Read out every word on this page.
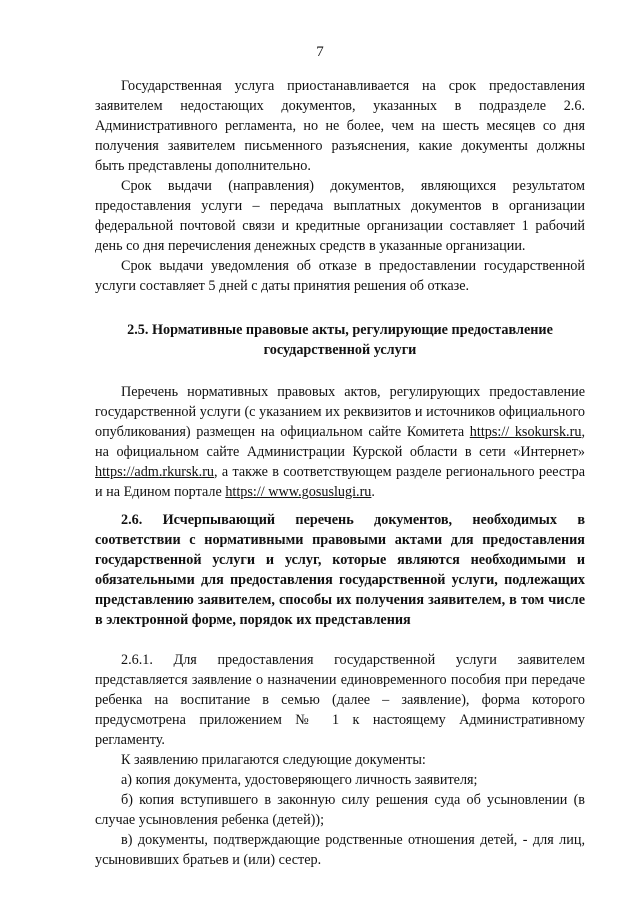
7

Государственная услуга приостанавливается на срок предоставления заявителем недостающих документов, указанных в подразделе 2.6. Административного регламента, но не более, чем на шесть месяцев со дня получения заявителем письменного разъяснения, какие документы должны быть представлены дополнительно.

Срок выдачи (направления) документов, являющихся результатом предоставления услуги – передача выплатных документов в организации федеральной почтовой связи и кредитные организации составляет 1 рабочий день со дня перечисления денежных средств в указанные организации.

Срок выдачи уведомления об отказе в предоставлении государственной услуги составляет 5 дней с даты принятия решения об отказе.

2.5. Нормативные правовые акты, регулирующие предоставление государственной услуги

Перечень нормативных правовых актов, регулирующих предоставление государственной услуги (с указанием их реквизитов и источников официального опубликования) размещен на официальном сайте Комитета https:// ksokursk.ru, на официальном сайте Администрации Курской области в сети «Интернет» https://adm.rkursk.ru, а также в соответствующем разделе регионального реестра и на Едином портале https:// www.gosuslugi.ru.

2.6. Исчерпывающий перечень документов, необходимых в соответствии с нормативными правовыми актами для предоставления государственной услуги и услуг, которые являются необходимыми и обязательными для предоставления государственной услуги, подлежащих представлению заявителем, способы их получения заявителем, в том числе в электронной форме, порядок их представления

2.6.1. Для предоставления государственной услуги заявителем представляется заявление о назначении единовременного пособия при передаче ребенка на воспитание в семью (далее – заявление), форма которого предусмотрена приложением № 1 к настоящему Административному регламенту.

К заявлению прилагаются следующие документы:

а) копия документа, удостоверяющего личность заявителя;

б) копия вступившего в законную силу решения суда об усыновлении (в случае усыновления ребенка (детей));

в) документы, подтверждающие родственные отношения детей, - для лиц, усыновивших братьев и (или) сестер.
